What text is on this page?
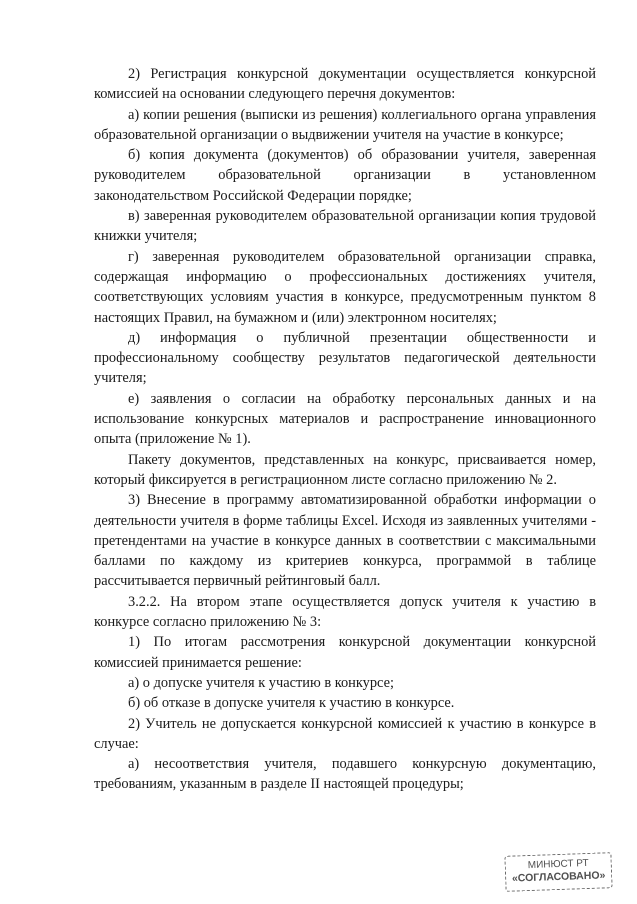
2) Регистрация конкурсной документации осуществляется конкурсной комиссией на основании следующего перечня документов:

а) копии решения (выписки из решения) коллегиального органа управления образовательной организации о выдвижении учителя на участие в конкурсе;

б) копия документа (документов) об образовании учителя, заверенная руководителем образовательной организации в установленном законодательством Российской Федерации порядке;

в) заверенная руководителем образовательной организации копия трудовой книжки учителя;

г) заверенная руководителем образовательной организации справка, содержащая информацию о профессиональных достижениях учителя, соответствующих условиям участия в конкурсе, предусмотренным пунктом 8 настоящих Правил, на бумажном и (или) электронном носителях;

д) информация о публичной презентации общественности и профессиональному сообществу результатов педагогической деятельности учителя;

е) заявления о согласии на обработку персональных данных и на использование конкурсных материалов и распространение инновационного опыта (приложение № 1).

Пакету документов, представленных на конкурс, присваивается номер, который фиксируется в регистрационном листе согласно приложению № 2.

3) Внесение в программу автоматизированной обработки информации о деятельности учителя в форме таблицы Excel. Исходя из заявленных учителями - претендентами на участие в конкурсе данных в соответствии с максимальными баллами по каждому из критериев конкурса, программой в таблице рассчитывается первичный рейтинговый балл.

3.2.2. На втором этапе осуществляется допуск учителя к участию в конкурсе согласно приложению № 3:

1) По итогам рассмотрения конкурсной документации конкурсной комиссией принимается решение:

а) о допуске учителя к участию в конкурсе;

б) об отказе в допуске учителя к участию в конкурсе.

2) Учитель не допускается конкурсной комиссией к участию в конкурсе в случае:

а) несоответствия учителя, подавшего конкурсную документацию, требованиям, указанным в разделе II настоящей процедуры;

МИНЮСТ РТ
«СОГЛАСОВАНО»
